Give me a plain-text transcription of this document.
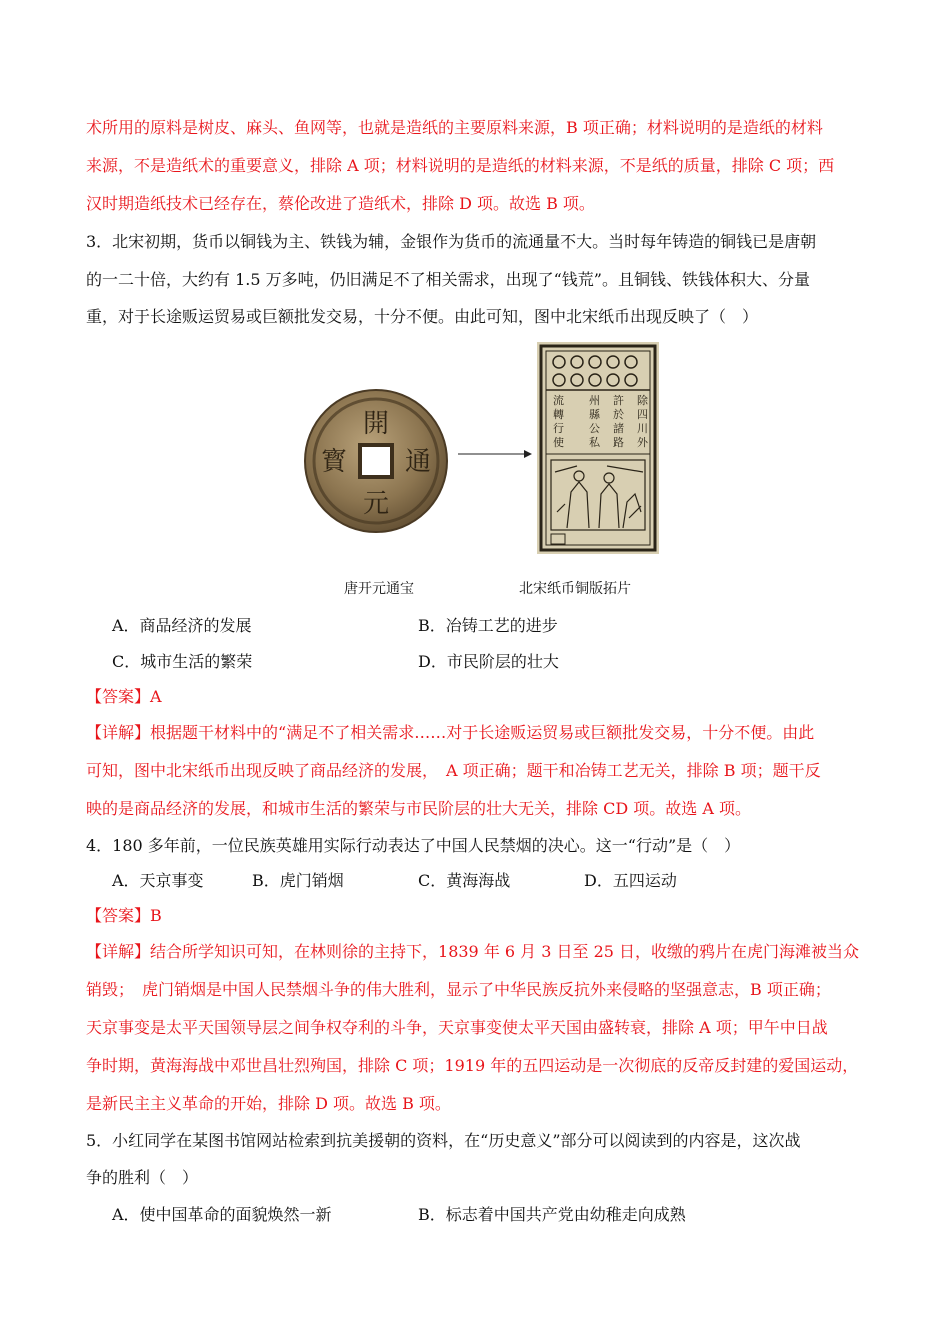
术所用的原料是树皮、麻头、鱼网等，也就是造纸的主要原料来源，B 项正确；材料说明的是造纸的材料
来源，不是造纸术的重要意义，排除 A 项；材料说明的是造纸的材料来源，不是纸的质量，排除 C 项；西
汉时期造纸技术已经存在，蔡伦改进了造纸术，排除 D 项。故选 B 项。
3．北宋初期，货币以铜钱为主、铁钱为辅，金银作为货币的流通量不大。当时每年铸造的铜钱已是唐朝
的一二十倍，大约有 1.5 万多吨，仍旧满足不了相关需求，出现了“钱荒”。且铜钱、铁钱体积大、分量
重，对于长途贩运贸易或巨额批发交易，十分不便。由此可知，图中北宋纸币出现反映了（　）
開
元
通
寳
除
四
川
外
許
於
諸
路
州
縣
公
私
流
轉
行
使
唐开元通宝	北宋纸币铜版拓片
A．商品经济的发展	B．冶铸工艺的进步
C．城市生活的繁荣	D．市民阶层的壮大
【答案】A
【详解】根据题干材料中的“满足不了相关需求……对于长途贩运贸易或巨额批发交易，十分不便。由此
可知，图中北宋纸币出现反映了商品经济的发展，　A 项正确；题干和冶铸工艺无关，排除 B 项；题干反
映的是商品经济的发展，和城市生活的繁荣与市民阶层的壮大无关，排除 CD 项。故选 A 项。
4．180 多年前，一位民族英雄用实际行动表达了中国人民禁烟的决心。这一“行动”是（　）
A．天京事变	B．虎门销烟	C．黄海海战	D．五四运动
【答案】B
【详解】结合所学知识可知，在林则徐的主持下，1839 年 6 月 3 日至 25 日，收缴的鸦片在虎门海滩被当众
销毁；　虎门销烟是中国人民禁烟斗争的伟大胜利，显示了中华民族反抗外来侵略的坚强意志，B 项正确；
天京事变是太平天国领导层之间争权夺利的斗争，天京事变使太平天国由盛转衰，排除 A 项；甲午中日战
争时期，黄海海战中邓世昌壮烈殉国，排除 C 项；1919 年的五四运动是一次彻底的反帝反封建的爱国运动，
是新民主主义革命的开始，排除 D 项。故选 B 项。
5．小红同学在某图书馆网站检索到抗美援朝的资料，在“历史意义”部分可以阅读到的内容是，这次战
争的胜利（　）
A．使中国革命的面貌焕然一新	B．标志着中国共产党由幼稚走向成熟
